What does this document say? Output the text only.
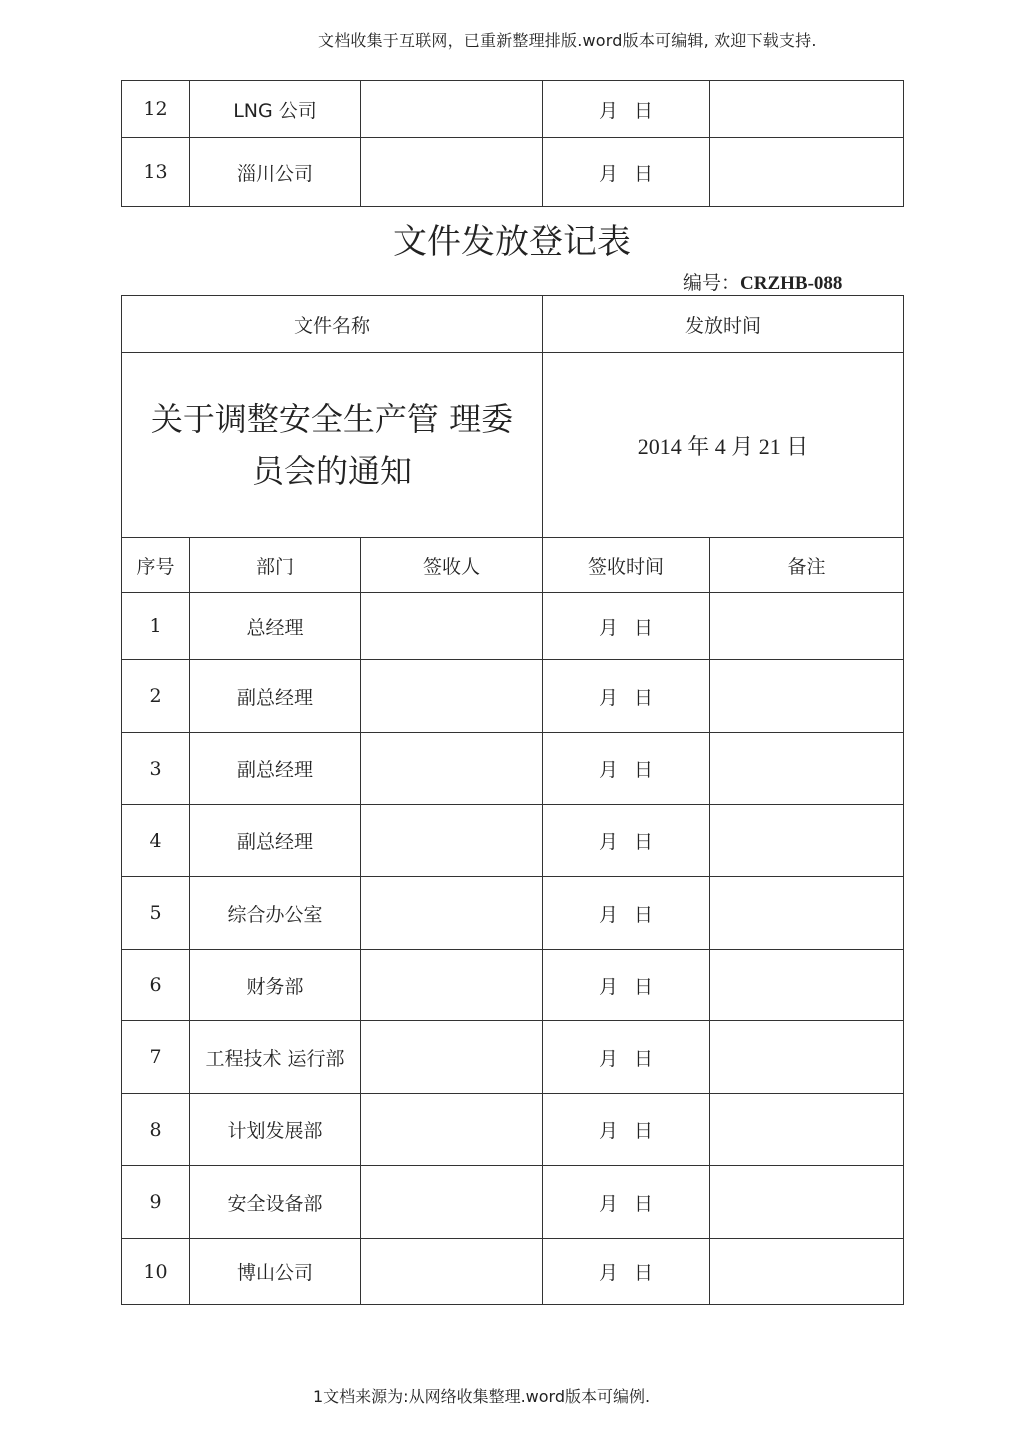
文档收集于互联网，已重新整理排版.word版本可编辑, 欢迎下载支持.
12	LNG 公司		月 日	
13	淄川公司		月 日	
文件发放登记表
编号：CRZHB-088
文件名称			发放时间	

关于调整安全生产管 理委
员会的通知			2014 年 4 月 21 日	
序号	部门	签收人	签收时间	备注
1	总经理		月 日	
2	副总经理		月 日	
3	副总经理		月 日	
4	副总经理		月 日	
5	综合办公室		月 日	
6	财务部		月 日	
7	工程技术 运行部		月 日	
8	计划发展部		月 日	
9	安全设备部		月 日	
10	博山公司		月 日	
1文档来源为:从网络收集整理.word版本可编例.
